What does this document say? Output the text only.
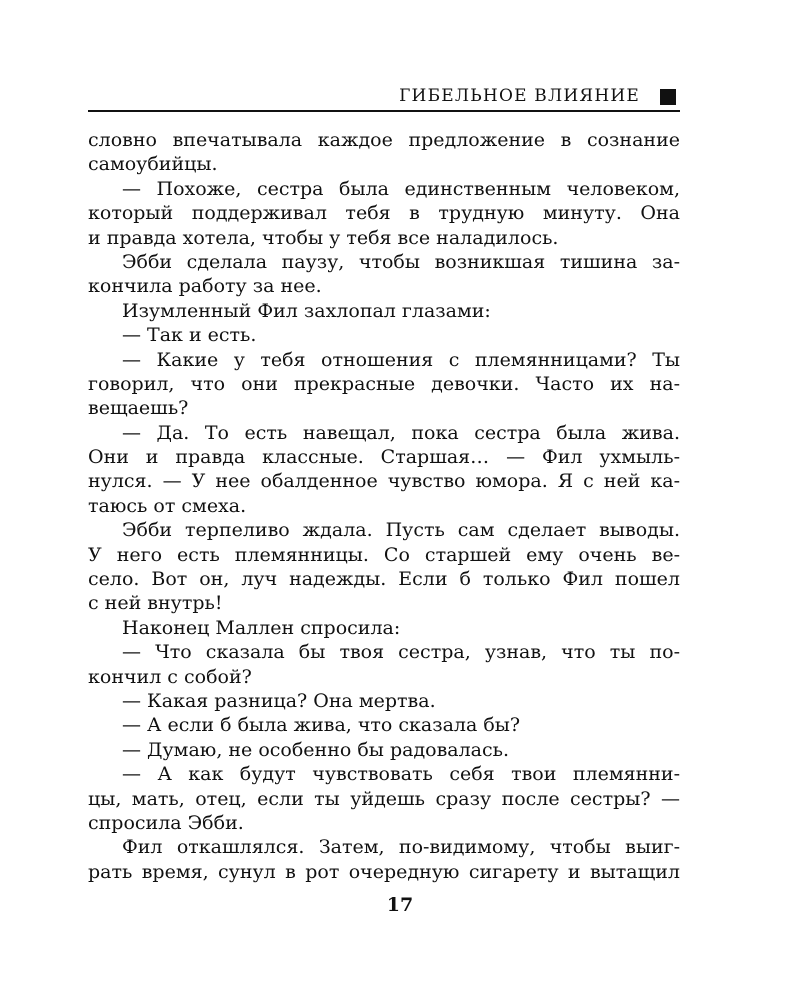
ГИБЕЛЬНОЕ ВЛИЯНИЕ
словно впечатывала каждое предложение в сознание
самоубийцы.
— Похоже, сестра была единственным человеком,
который поддерживал тебя в трудную минуту. Она
и правда хотела, чтобы у тебя все наладилось.
Эбби сделала паузу, чтобы возникшая тишина за-
кончила работу за нее.
Изумленный Фил захлопал глазами:
— Так и есть.
— Какие у тебя отношения с племянницами? Ты
говорил, что они прекрасные девочки. Часто их на-
вещаешь?
— Да. То есть навещал, пока сестра была жива.
Они и правда классные. Старшая… — Фил ухмыль-
нулся. — У нее обалденное чувство юмора. Я с ней ка-
таюсь от смеха.
Эбби терпеливо ждала. Пусть сам сделает выводы.
У него есть племянницы. Со старшей ему очень ве-
село. Вот он, луч надежды. Если б только Фил пошел
с ней внутрь!
Наконец Маллен спросила:
— Что сказала бы твоя сестра, узнав, что ты по-
кончил с собой?
— Какая разница? Она мертва.
— А если б была жива, что сказала бы?
— Думаю, не особенно бы радовалась.
— А как будут чувствовать себя твои племянни-
цы, мать, отец, если ты уйдешь сразу после сестры? —
спросила Эбби.
Фил откашлялся. Затем, по-видимому, чтобы выиг-
рать время, сунул в рот очередную сигарету и вытащил
17
